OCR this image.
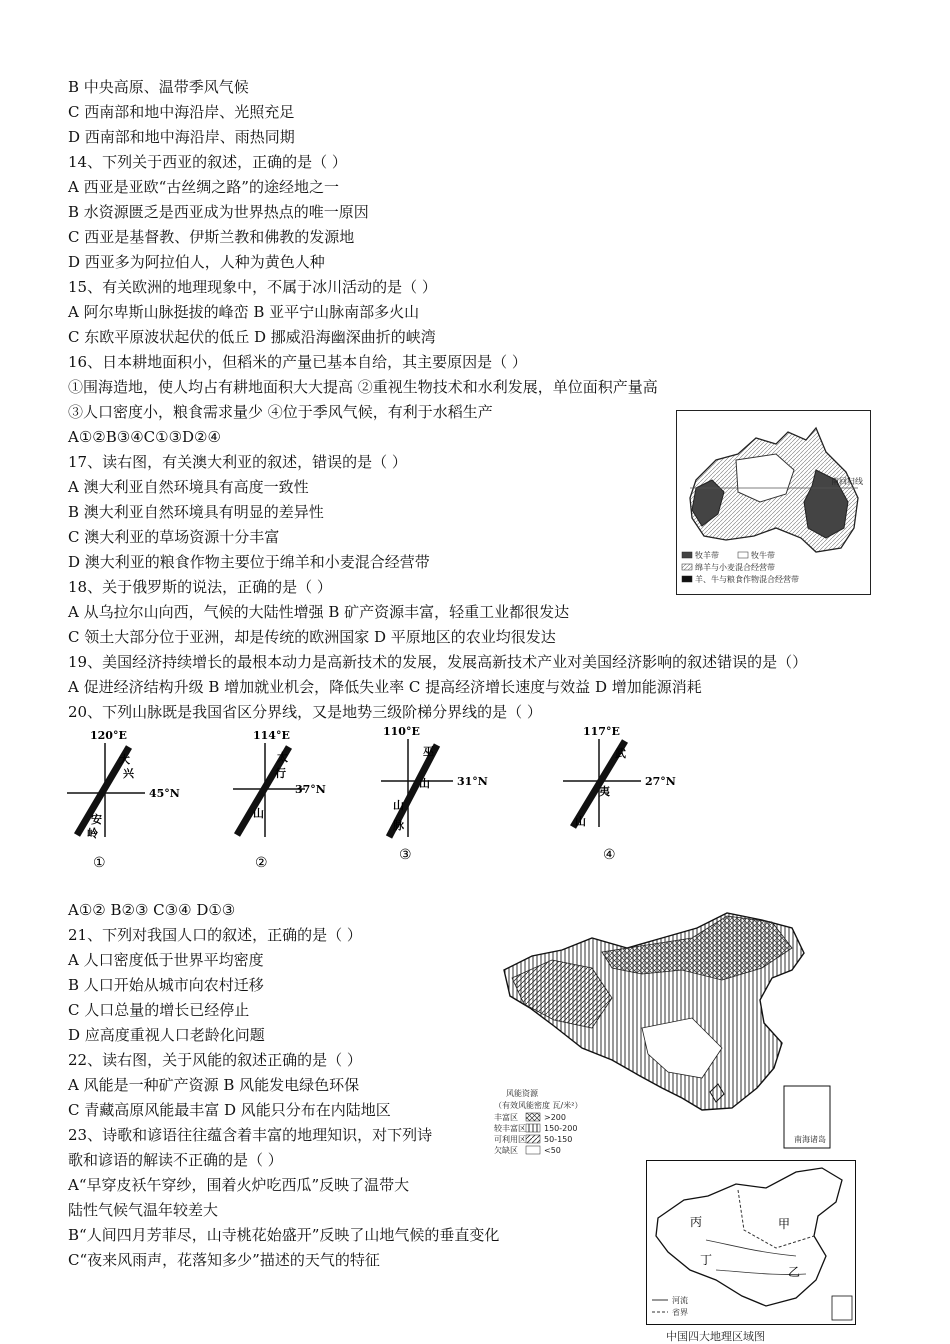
B 中央高原、温带季风气候
C 西南部和地中海沿岸、光照充足
D 西南部和地中海沿岸、雨热同期
14、下列关于西亚的叙述，正确的是（ ）
A 西亚是亚欧“古丝绸之路”的途经地之一
B 水资源匮乏是西亚成为世界热点的唯一原因
C 西亚是基督教、伊斯兰教和佛教的发源地
D 西亚多为阿拉伯人，人种为黄色人种
15、有关欧洲的地理现象中，不属于冰川活动的是（ ）
A 阿尔卑斯山脉挺拔的峰峦 B 亚平宁山脉南部多火山
C 东欧平原波状起伏的低丘 D 挪威沿海幽深曲折的峡湾
16、日本耕地面积小，但稻米的产量已基本自给，其主要原因是（ ）
①围海造地，使人均占有耕地面积大大提高 ②重视生物技术和水利发展，单位面积产量高
③人口密度小，粮食需求量少 ④位于季风气候，有利于水稻生产
A①②B③④C①③D②④
17、读右图，有关澳大利亚的叙述，错误的是（ ）
A 澳大利亚自然环境具有高度一致性
B 澳大利亚自然环境具有明显的差异性
C 澳大利亚的草场资源十分丰富
D 澳大利亚的粮食作物主要位于绵羊和小麦混合经营带
18、关于俄罗斯的说法，正确的是（ ）
A 从乌拉尔山向西，气候的大陆性增强 B 矿产资源丰富，轻重工业都很发达
C 领土大部分位于亚洲，却是传统的欧洲国家 D 平原地区的农业均很发达
19、美国经济持续增长的最根本动力是高新技术的发展，发展高新技术产业对美国经济影响的叙述错误的是（）
A 促进经济结构升级 B 增加就业机会，降低失业率 C 提高经济增长速度与效益 D 增加能源消耗
20、下列山脉既是我国省区分界线，又是地势三级阶梯分界线的是（ ）
A①② B②③ C③④ D①③
21、下列对我国人口的叙述，正确的是（ ）
A 人口密度低于世界平均密度
B 人口开始从城市向农村迁移
C 人口总量的增长已经停止
D 应高度重视人口老龄化问题
22、读右图，关于风能的叙述正确的是（ ）
A 风能是一种矿产资源 B 风能发电绿色环保
C 青藏高原风能最丰富 D 风能只分布在内陆地区
23、诗歌和谚语往往蕴含着丰富的地理知识，对下列诗
歌和谚语的解读不正确的是（ ）
A“早穿皮袄午穿纱，围着火炉吃西瓜”反映了温带大
陆性气候气温年较差大
B“人间四月芳菲尽，山寺桃花始盛开”反映了山地气候的垂直变化
C“夜来风雨声，花落知多少”描述的天气的特征
南回归线
牧羊带	牧牛带
绵羊与小麦混合经营带
羊、牛与粮食作物混合经营带
120°E
大
兴
安
岭
45°N
①
114°E
太
行
山
37°N
②
110°E
巫
山
山
脉
31°N
③
117°E
武
夷
山
27°N
④
南海诸岛
风能资源
（有效风能密度 瓦/米²）
丰富区	>200
较丰富区 150-200
可利用区 50-150
欠缺区	<50
丙	甲
丁
乙
河流
省界
中国四大地理区域图
